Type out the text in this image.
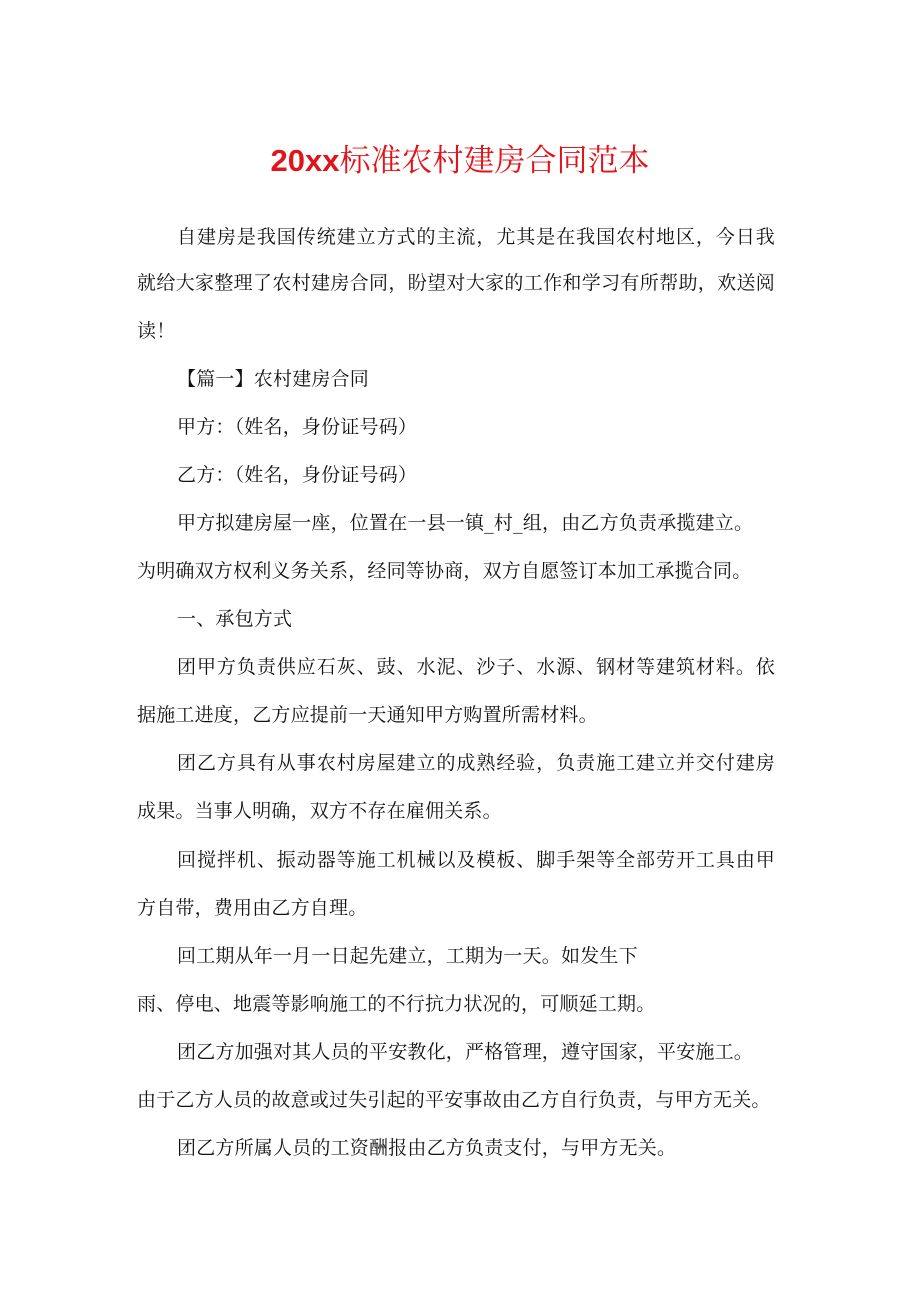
20xx标准农村建房合同范本
自建房是我国传统建立方式的主流，尤其是在我国农村地区，今日我
就给大家整理了农村建房合同，盼望对大家的工作和学习有所帮助，欢送阅
读！
【篇一】农村建房合同
甲方：（姓名，身份证号码）
乙方：（姓名，身份证号码）
甲方拟建房屋一座，位置在一县一镇_村_组，由乙方负责承揽建立。
为明确双方权利义务关系，经同等协商，双方自愿签订本加工承揽合同。
一、承包方式
团甲方负责供应石灰、豉、水泥、沙子、水源、钢材等建筑材料。依
据施工进度，乙方应提前一天通知甲方购置所需材料。
团乙方具有从事农村房屋建立的成熟经验，负责施工建立并交付建房
成果。当事人明确，双方不存在雇佣关系。
回搅拌机、振动器等施工机械以及模板、脚手架等全部劳开工具由甲
方自带，费用由乙方自理。
回工期从年一月一日起先建立，工期为一天。如发生下
雨、停电、地震等影响施工的不行抗力状况的，可顺延工期。
团乙方加强对其人员的平安教化，严格管理，遵守国家，平安施工。
由于乙方人员的故意或过失引起的平安事故由乙方自行负责，与甲方无关。
团乙方所属人员的工资酬报由乙方负责支付，与甲方无关。
